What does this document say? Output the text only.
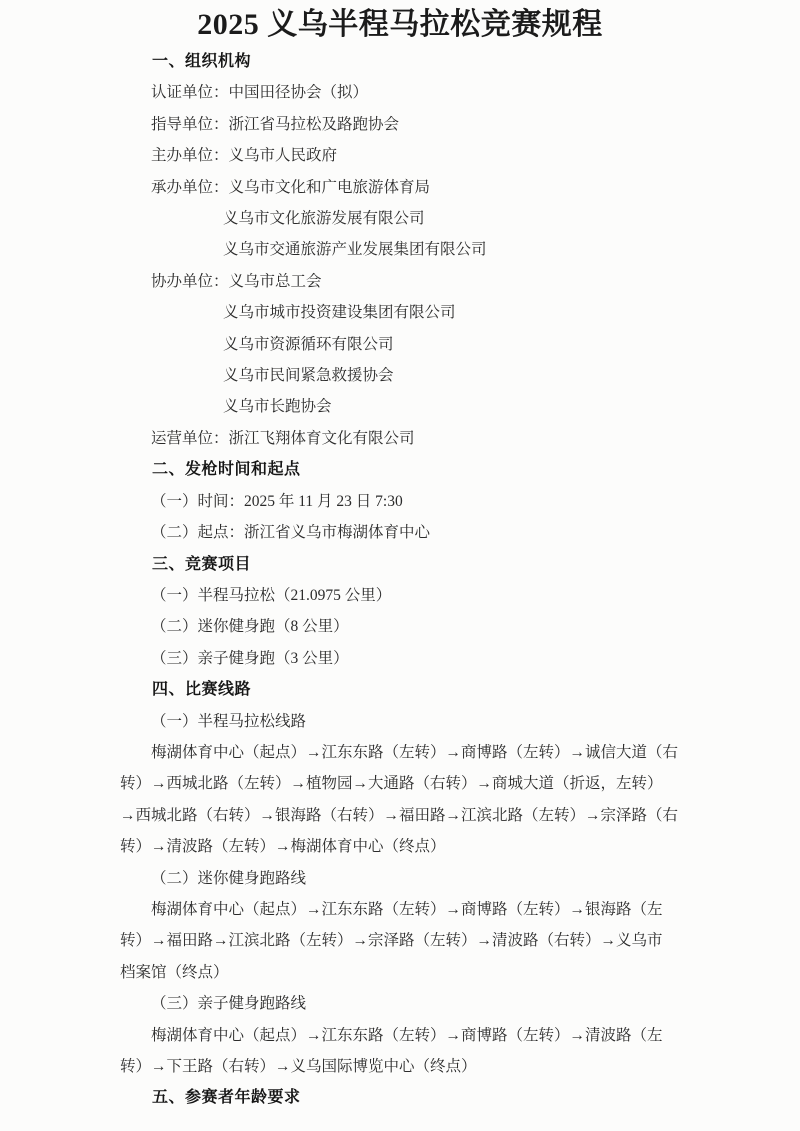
2025 义乌半程马拉松竞赛规程
一、组织机构
认证单位：中国田径协会（拟）
指导单位：浙江省马拉松及路跑协会
主办单位：义乌市人民政府
承办单位：义乌市文化和广电旅游体育局
义乌市文化旅游发展有限公司
义乌市交通旅游产业发展集团有限公司
协办单位：义乌市总工会
义乌市城市投资建设集团有限公司
义乌市资源循环有限公司
义乌市民间紧急救援协会
义乌市长跑协会
运营单位：浙江飞翔体育文化有限公司
二、发枪时间和起点
（一）时间：2025 年 11 月 23 日 7:30
（二）起点：浙江省义乌市梅湖体育中心
三、竞赛项目
（一）半程马拉松（21.0975 公里）
（二）迷你健身跑（8 公里）
（三）亲子健身跑（3 公里）
四、比赛线路
（一）半程马拉松线路
梅湖体育中心（起点）→江东东路（左转）→商博路（左转）→诚信大道（右
转）→西城北路（左转）→植物园→大通路（右转）→商城大道（折返，左转）
→西城北路（右转）→银海路（右转）→福田路→江滨北路（左转）→宗泽路（右
转）→清波路（左转）→梅湖体育中心（终点）
（二）迷你健身跑路线
梅湖体育中心（起点）→江东东路（左转）→商博路（左转）→银海路（左
转）→福田路→江滨北路（左转）→宗泽路（左转）→清波路（右转）→义乌市
档案馆（终点）
（三）亲子健身跑路线
梅湖体育中心（起点）→江东东路（左转）→商博路（左转）→清波路（左
转）→下王路（右转）→义乌国际博览中心（终点）
五、参赛者年龄要求
